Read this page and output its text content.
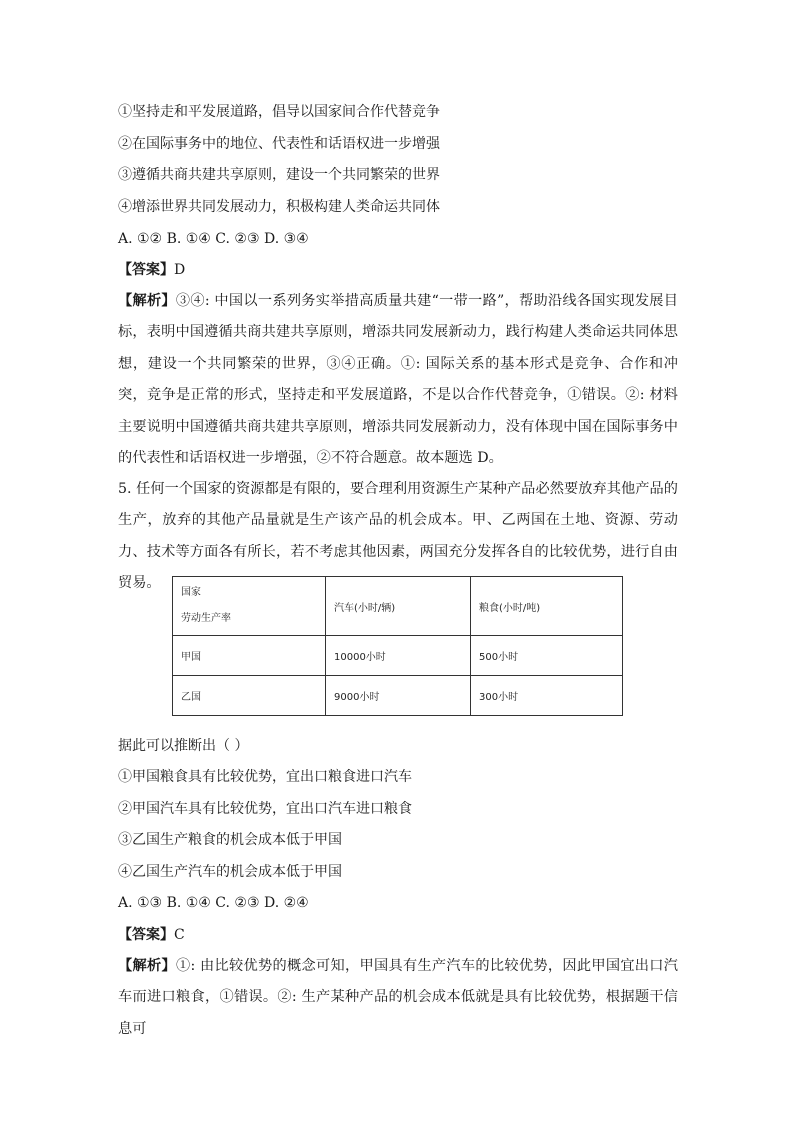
①坚持走和平发展道路，倡导以国家间合作代替竞争
②在国际事务中的地位、代表性和话语权进一步增强
③遵循共商共建共享原则，建设一个共同繁荣的世界
④增添世界共同发展动力，积极构建人类命运共同体
A. ①② B. ①④ C. ②③ D. ③④
【答案】D
【解析】③④: 中国以一系列务实举措高质量共建“一带一路”，帮助沿线各国实现发展目标，表明中国遵循共商共建共享原则，增添共同发展新动力，践行构建人类命运共同体思想，建设一个共同繁荣的世界，③④正确。①: 国际关系的基本形式是竞争、合作和冲突，竞争是正常的形式，坚持走和平发展道路，不是以合作代替竞争，①错误。②: 材料主要说明中国遵循共商共建共享原则，增添共同发展新动力，没有体现中国在国际事务中的代表性和话语权进一步增强，②不符合题意。故本题选 D。
5. 任何一个国家的资源都是有限的，要合理利用资源生产某种产品必然要放弃其他产品的生产，放弃的其他产品量就是生产该产品的机会成本。甲、乙两国在土地、资源、劳动力、技术等方面各有所长，若不考虑其他因素，两国充分发挥各自的比较优势，进行自由贸易。
国家
劳动生产率	汽车(小时/辆)	粮食(小时/吨)
甲国	10000小时	500小时
乙国	9000小时	300小时
据此可以推断出（ ）
①甲国粮食具有比较优势，宜出口粮食进口汽车
②甲国汽车具有比较优势，宜出口汽车进口粮食
③乙国生产粮食的机会成本低于甲国
④乙国生产汽车的机会成本低于甲国
A. ①③ B. ①④ C. ②③ D. ②④
【答案】C
【解析】①: 由比较优势的概念可知，甲国具有生产汽车的比较优势，因此甲国宜出口汽车而进口粮食，①错误。②: 生产某种产品的机会成本低就是具有比较优势，根据题干信息可
